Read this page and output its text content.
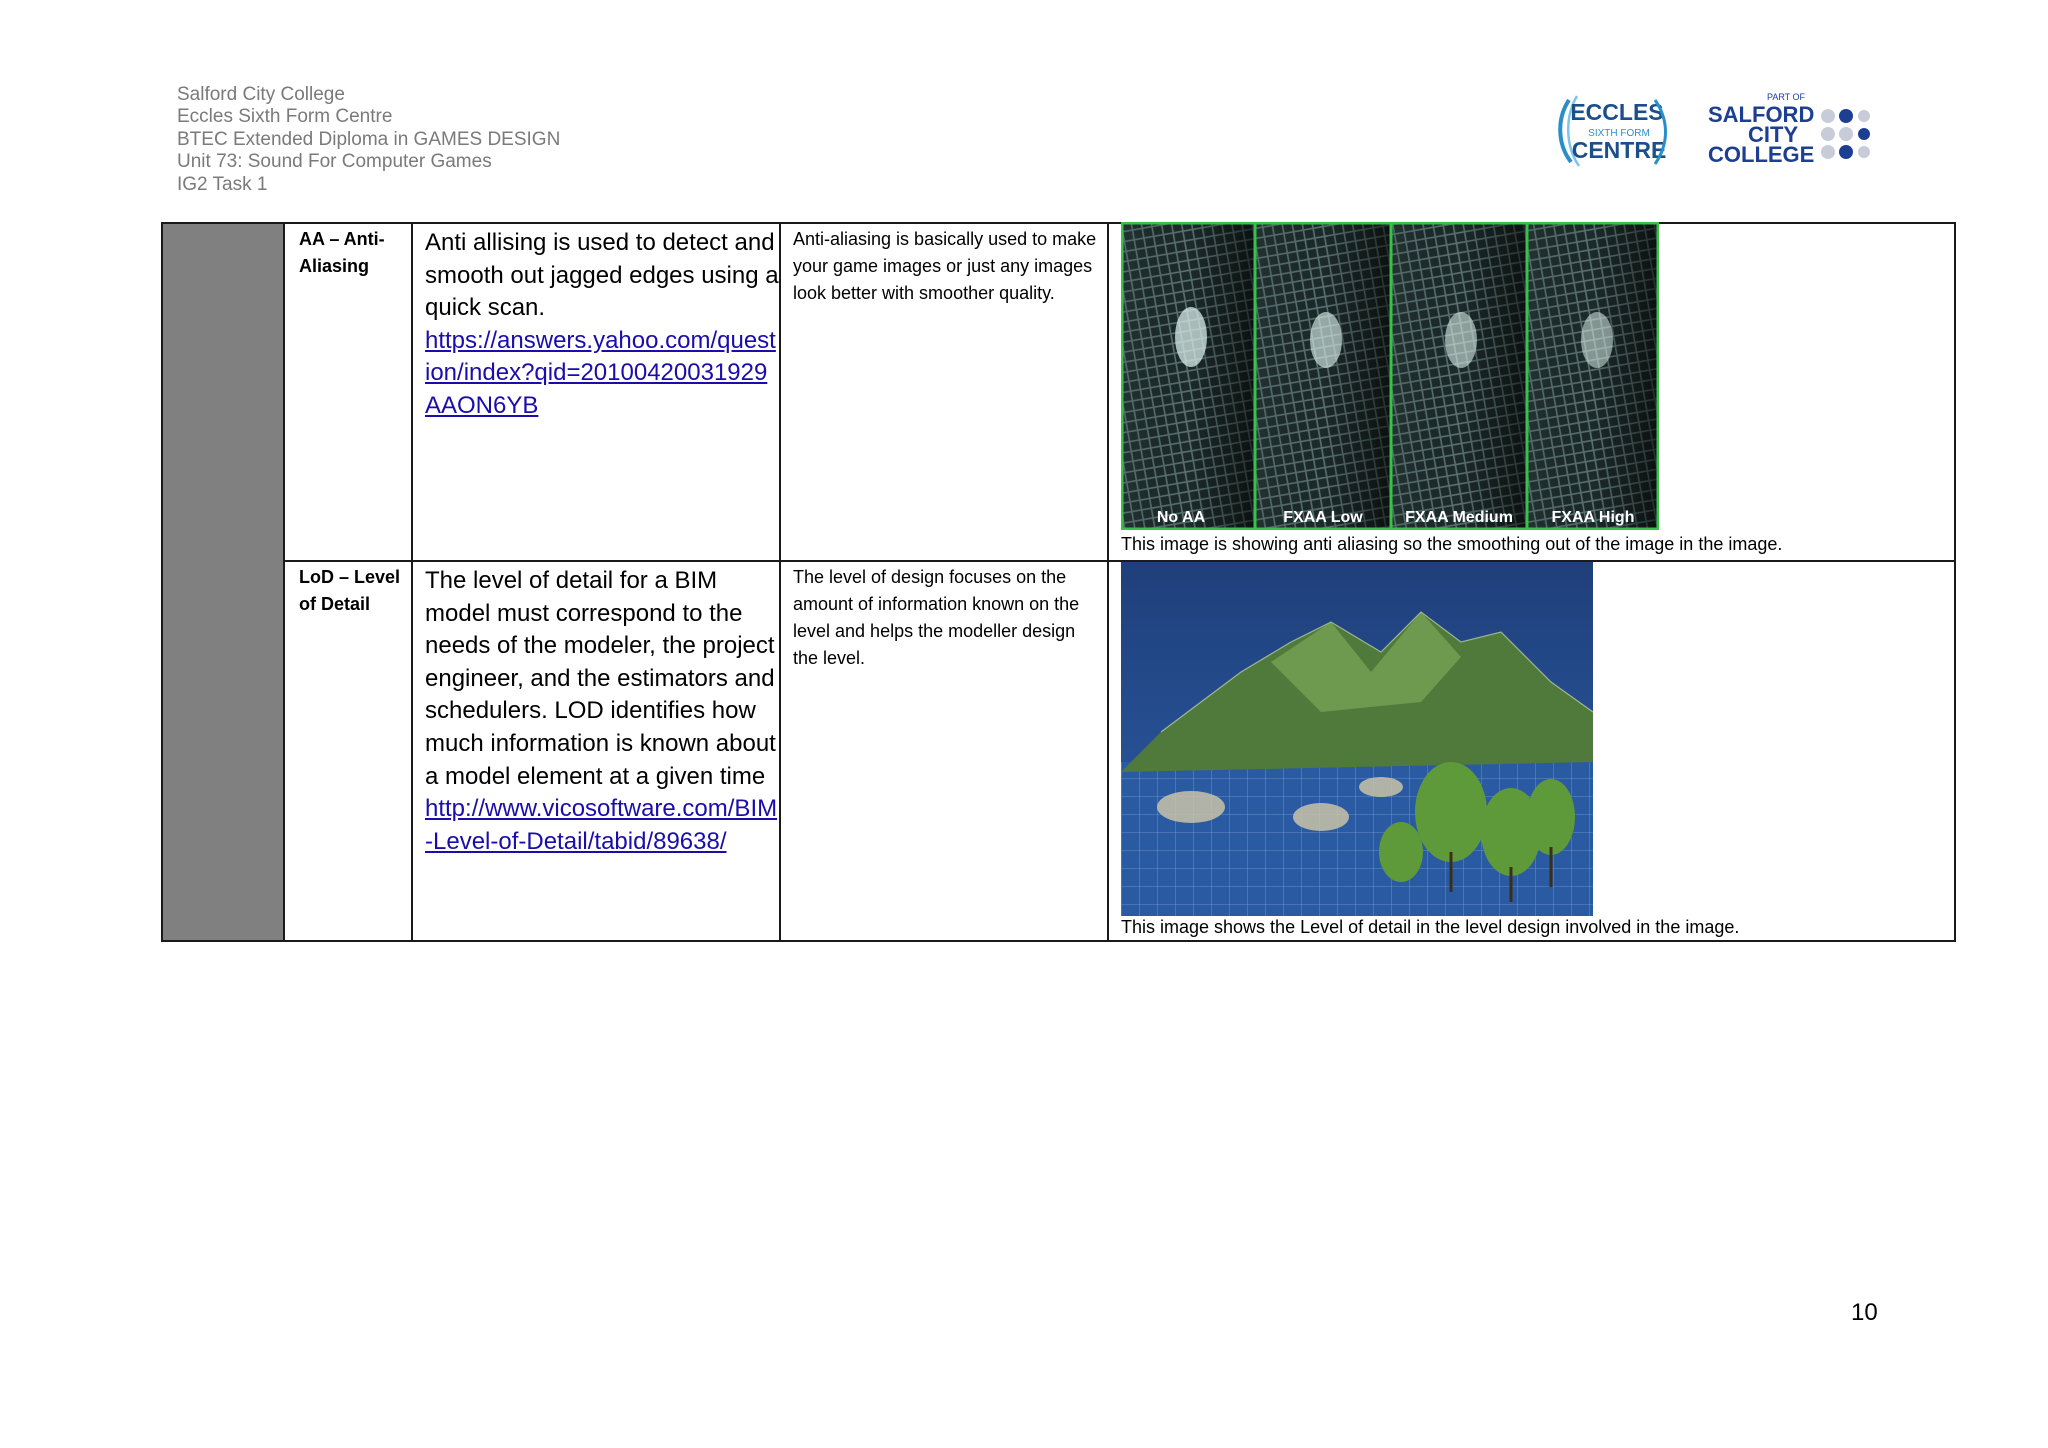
Salford City College
Eccles Sixth Form Centre
BTEC Extended Diploma in GAMES DESIGN
Unit 73: Sound For Computer Games
IG2 Task 1
ECCLES
SIXTH FORM
CENTRE
PART OF
SALFORD
CITY
COLLEGE
AA – Anti-Aliasing
Anti allising is used to detect and smooth out jagged edges using a quick scan.
https://answers.yahoo.com/question/index?qid=20100420031929AAON6YB
Anti-aliasing is basically used to make your game images or just any images look better with smoother quality.
This image is showing anti aliasing so the smoothing out of the image in the image.
LoD – Level of Detail
The level of detail for a BIM model must correspond to the needs of the modeler, the project engineer, and the estimators and schedulers. LOD identifies how much information is known about a model element at a given time
http://www.vicosoftware.com/BIM-Level-of-Detail/tabid/89638/
The level of design focuses on the amount of information known on the level and helps the modeller design the level.
This image shows the Level of detail in the level design involved in the image.
No AA	FXAA Low	FXAA Medium FXAA High
10
